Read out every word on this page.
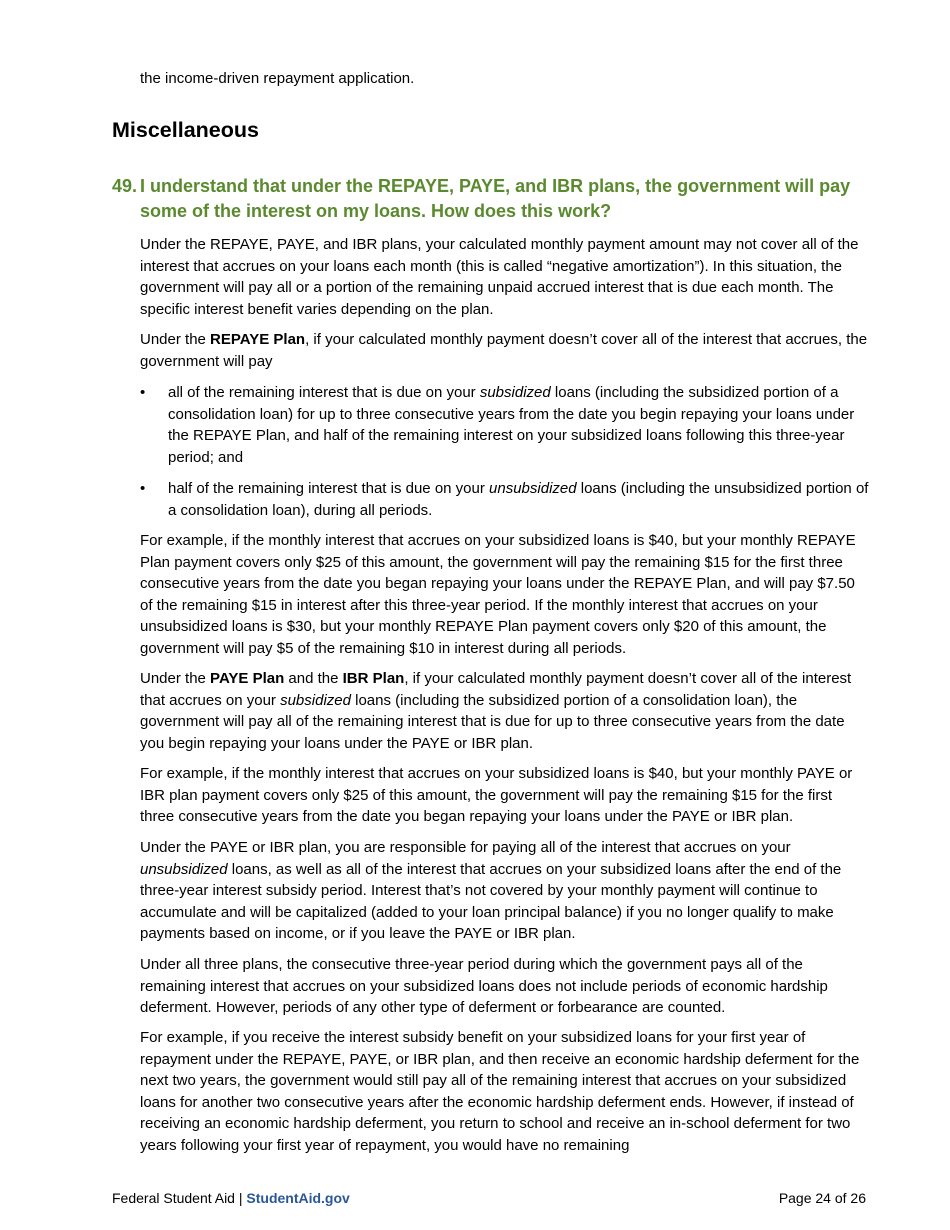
the income-driven repayment application.

Miscellaneous
49. I understand that under the REPAYE, PAYE, and IBR plans, the government will pay some of the interest on my loans. How does this work?

Under the REPAYE, PAYE, and IBR plans, your calculated monthly payment amount may not cover all of the interest that accrues on your loans each month (this is called “negative amortization”). In this situation, the government will pay all or a portion of the remaining unpaid accrued interest that is due each month. The specific interest benefit varies depending on the plan.

Under the REPAYE Plan, if your calculated monthly payment doesn’t cover all of the interest that accrues, the government will pay

• all of the remaining interest that is due on your subsidized loans (including the subsidized portion of a consolidation loan) for up to three consecutive years from the date you begin repaying your loans under the REPAYE Plan, and half of the remaining interest on your subsidized loans following this three-year period; and
• half of the remaining interest that is due on your unsubsidized loans (including the unsubsidized portion of a consolidation loan), during all periods.

For example, if the monthly interest that accrues on your subsidized loans is $40, but your monthly REPAYE Plan payment covers only $25 of this amount, the government will pay the remaining $15 for the first three consecutive years from the date you began repaying your loans under the REPAYE Plan, and will pay $7.50 of the remaining $15 in interest after this three-year period. If the monthly interest that accrues on your unsubsidized loans is $30, but your monthly REPAYE Plan payment covers only $20 of this amount, the government will pay $5 of the remaining $10 in interest during all periods.

Under the PAYE Plan and the IBR Plan, if your calculated monthly payment doesn’t cover all of the interest that accrues on your subsidized loans (including the subsidized portion of a consolidation loan), the government will pay all of the remaining interest that is due for up to three consecutive years from the date you begin repaying your loans under the PAYE or IBR plan.

For example, if the monthly interest that accrues on your subsidized loans is $40, but your monthly PAYE or IBR plan payment covers only $25 of this amount, the government will pay the remaining $15 for the first three consecutive years from the date you began repaying your loans under the PAYE or IBR plan.

Under the PAYE or IBR plan, you are responsible for paying all of the interest that accrues on your unsubsidized loans, as well as all of the interest that accrues on your subsidized loans after the end of the three-year interest subsidy period. Interest that’s not covered by your monthly payment will continue to accumulate and will be capitalized (added to your loan principal balance) if you no longer qualify to make payments based on income, or if you leave the PAYE or IBR plan.

Under all three plans, the consecutive three-year period during which the government pays all of the remaining interest that accrues on your subsidized loans does not include periods of economic hardship deferment. However, periods of any other type of deferment or forbearance are counted.

For example, if you receive the interest subsidy benefit on your subsidized loans for your first year of repayment under the REPAYE, PAYE, or IBR plan, and then receive an economic hardship deferment for the next two years, the government would still pay all of the remaining interest that accrues on your subsidized loans for another two consecutive years after the economic hardship deferment ends. However, if instead of receiving an economic hardship deferment, you return to school and receive an in-school deferment for two years following your first year of repayment, you would have no remaining

Federal Student Aid | StudentAid.gov	Page 24 of 26
